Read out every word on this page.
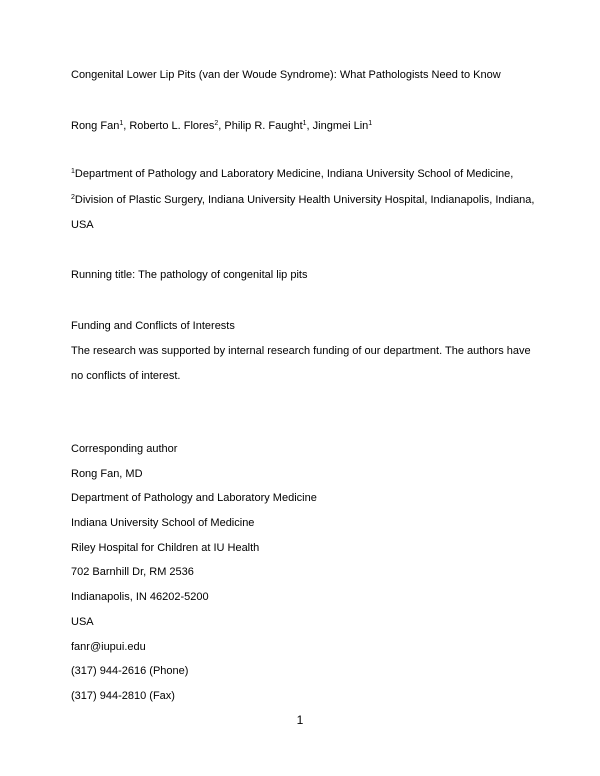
Congenital Lower Lip Pits (van der Woude Syndrome): What Pathologists Need to Know
Rong Fan$^1$, Roberto L. Flores$^2$, Philip R. Faught$^1$, Jingmei Lin$^1$
$^1$Department of Pathology and Laboratory Medicine, Indiana University School of Medicine,
$^2$Division of Plastic Surgery, Indiana University Health University Hospital, Indianapolis, Indiana,
USA
Running title: The pathology of congenital lip pits
Funding and Conflicts of Interests
The research was supported by internal research funding of our department. The authors have
no conflicts of interest.
Corresponding author
Rong Fan, MD
Department of Pathology and Laboratory Medicine
Indiana University School of Medicine
Riley Hospital for Children at IU Health
702 Barnhill Dr, RM 2536
Indianapolis, IN 46202-5200
USA
fanr@iupui.edu
(317) 944-2616 (Phone)
(317) 944-2810 (Fax)
1
